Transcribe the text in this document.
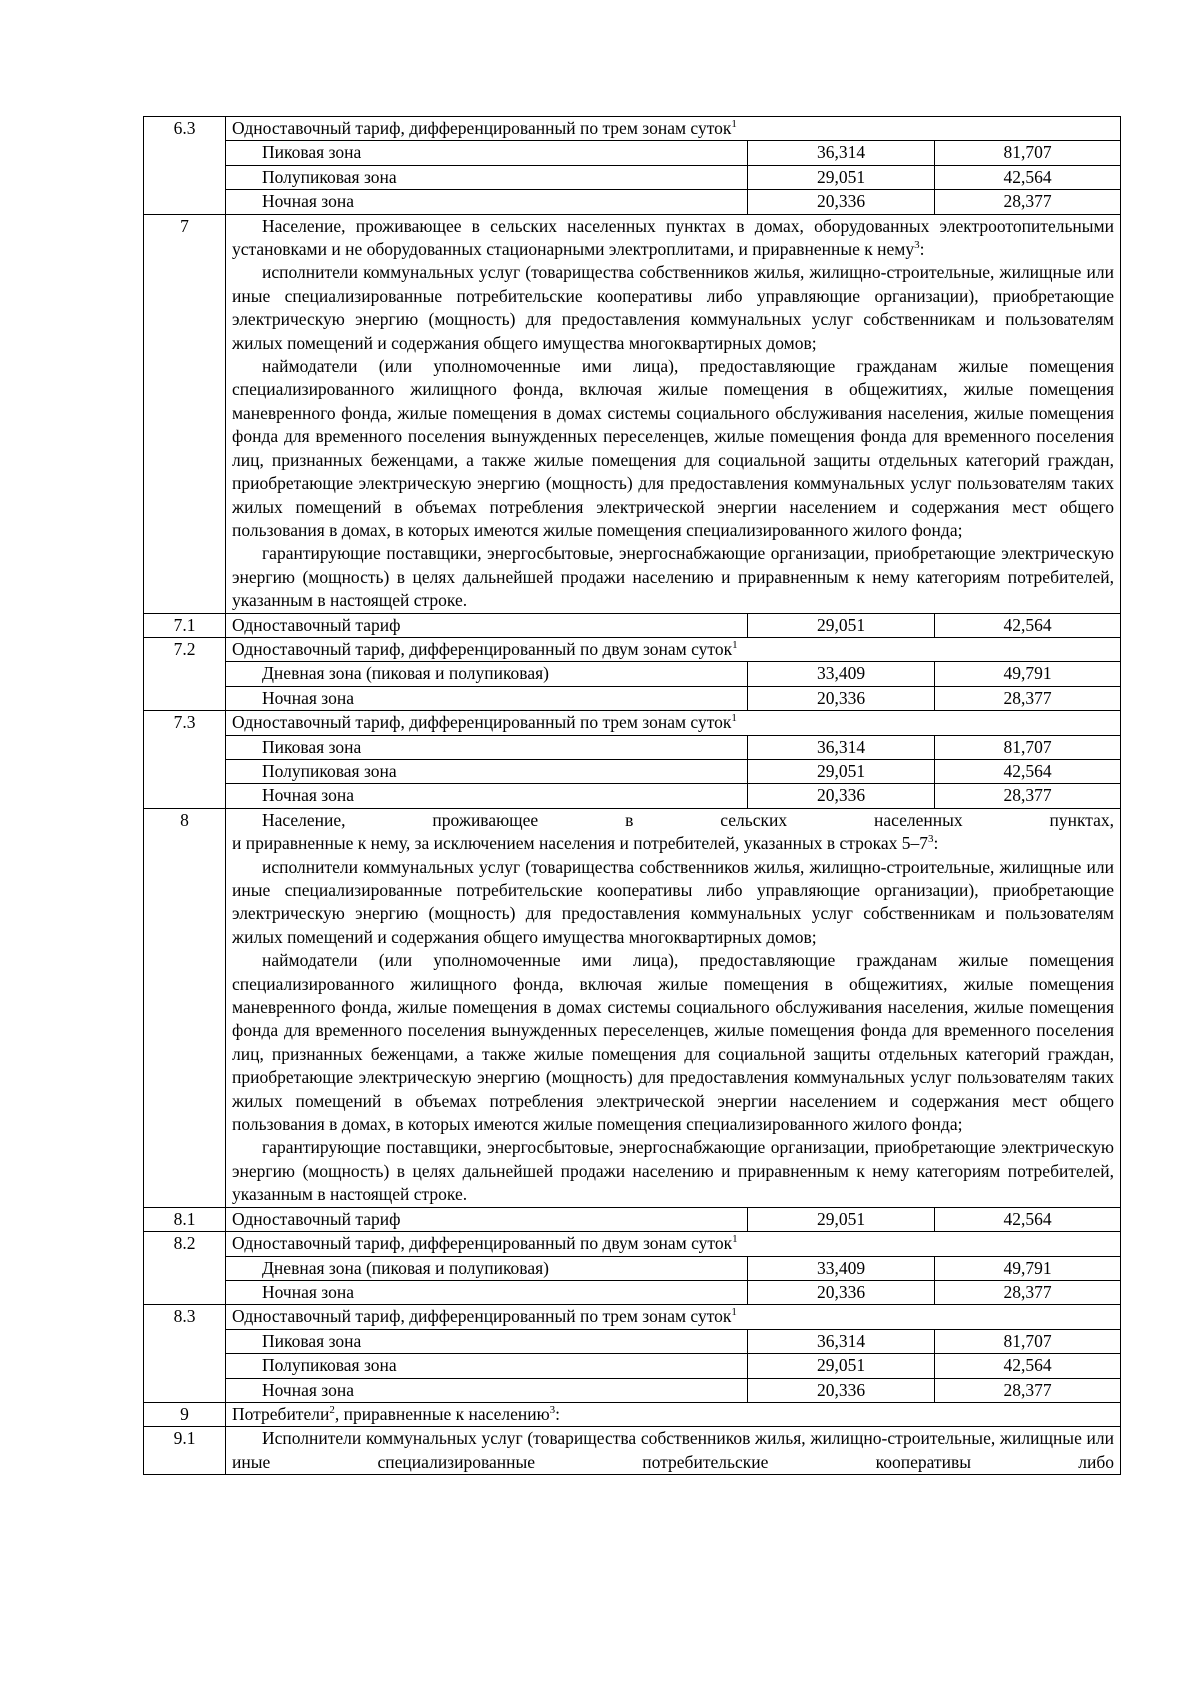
6.3	Одноставочный тариф, дифференцированный по трем зонам суток$^1$
	Пиковая зона	36,314	81,707
	Полупиковая зона	29,051	42,564
	Ночная зона	20,336	28,377
7	Население, проживающее в сельских населенных пунктах в домах, оборудованных электроотопительными установками и не оборудованных стационарными электроплитами, и приравненные к нему$^3$:

исполнители коммунальных услуг (товарищества собственников жилья, жилищно-строительные, жилищные или иные специализированные потребительские кооперативы либо управляющие организации), приобретающие электрическую энергию (мощность) для предоставления коммунальных услуг собственникам и пользователям жилых помещений и содержания общего имущества многоквартирных домов;

наймодатели (или уполномоченные ими лица), предоставляющие гражданам жилые помещения специализированного жилищного фонда, включая жилые помещения в общежитиях, жилые помещения маневренного фонда, жилые помещения в домах системы социального обслуживания населения, жилые помещения фонда для временного поселения вынужденных переселенцев, жилые помещения фонда для временного поселения лиц, признанных беженцами, а также жилые помещения для социальной защиты отдельных категорий граждан, приобретающие электрическую энергию (мощность) для предоставления коммунальных услуг пользователям таких жилых помещений в объемах потребления электрической энергии населением и содержания мест общего пользования в домах, в которых имеются жилые помещения специализированного жилого фонда;

гарантирующие поставщики, энергосбытовые, энергоснабжающие организации, приобретающие электрическую энергию (мощность) в целях дальнейшей продажи населению и приравненным к нему категориям потребителей, указанным в настоящей строке.		

7.1	Одноставочный тариф	29,051	42,564
7.2	Одноставочный тариф, дифференцированный по двум зонам суток$^1$
	Дневная зона (пиковая и полупиковая)	33,409	49,791
	Ночная зона	20,336	28,377
7.3	Одноставочный тариф, дифференцированный по трем зонам суток$^1$
	Пиковая зона	36,314	81,707
	Полупиковая зона	29,051	42,564
	Ночная зона	20,336	28,377
8	Население, проживающее в сельских населенных пунктах,

и приравненные к нему, за исключением населения и потребителей, указанных в строках $5-7^3$:

исполнители коммунальных услуг (товарищества собственников жилья, жилищно-строительные, жилищные или иные специализированные потребительские кооперативы либо управляющие организации), приобретающие электрическую энергию (мощность) для предоставления коммунальных услуг собственникам и пользователям жилых помещений и содержания общего имущества многоквартирных домов;

наймодатели (или уполномоченные ими лица), предоставляющие гражданам жилые помещения специализированного жилищного фонда, включая жилые помещения в общежитиях, жилые помещения маневренного фонда, жилые помещения в домах системы социального обслуживания населения, жилые помещения фонда для временного поселения вынужденных переселенцев, жилые помещения фонда для временного поселения лиц, признанных беженцами, а также жилые помещения для социальной защиты отдельных категорий граждан, приобретающие электрическую энергию (мощность) для предоставления коммунальных услуг пользователям таких жилых помещений в объемах потребления электрической энергии населением и содержания мест общего пользования в домах, в которых имеются жилые помещения специализированного жилого фонда;

гарантирующие поставщики, энергосбытовые, энергоснабжающие организации, приобретающие электрическую энергию (мощность) в целях дальнейшей продажи населению и приравненным к нему категориям потребителей, указанным в настоящей строке.		

8.1	Одноставочный тариф	29,051	42,564
8.2	Одноставочный тариф, дифференцированный по двум зонам суток$^1$
	Дневная зона (пиковая и полупиковая)	33,409	49,791
	Ночная зона	20,336	28,377
8.3	Одноставочный тариф, дифференцированный по трем зонам суток$^1$
	Пиковая зона	36,314	81,707
	Полупиковая зона	29,051	42,564
	Ночная зона	20,336	28,377
9	Потребители$^2$, приравненные к населению$^3$:		
9.1	Исполнители коммунальных услуг (товарищества собственников жилья, жилищно-строительные, жилищные или иные специализированные потребительские кооперативы либо		
